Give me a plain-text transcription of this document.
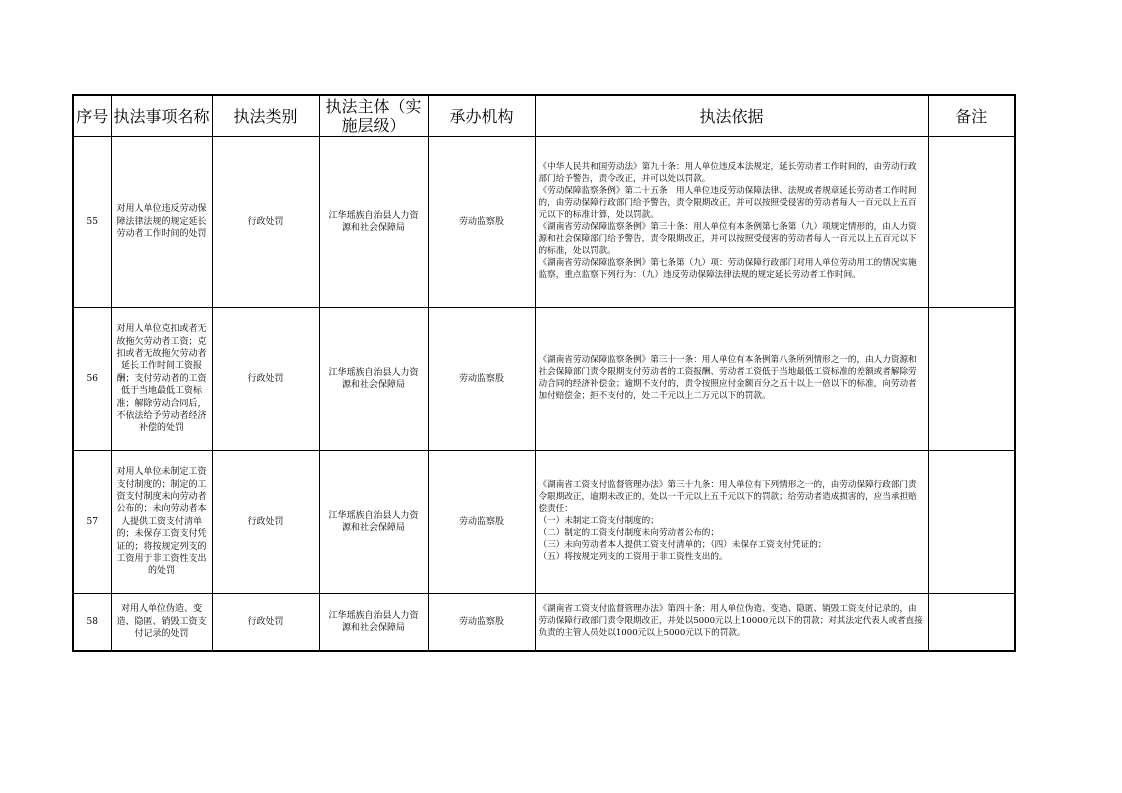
序号	执法事项名称	执法类别	执法主体（实施层级）	承办机构	执法依据	备注
55	对用人单位违反劳动保障法律法规的规定延长劳动者工作时间的处罚	行政处罚	江华瑶族自治县人力资源和社会保障局	劳动监察股	《中华人民共和国劳动法》第九十条：用人单位违反本法规定，延长劳动者工作时间的，由劳动行政部门给予警告，责令改正，并可以处以罚款。
《劳动保障监察条例》第二十五条　用人单位违反劳动保障法律、法规或者规章延长劳动者工作时间的，由劳动保障行政部门给予警告，责令限期改正，并可以按照受侵害的劳动者每人一百元以上五百元以下的标准计算，处以罚款。
《湖南省劳动保障监察条例》第三十条：用人单位有本条例第七条第（九）项规定情形的，由人力资源和社会保障部门给予警告，责令限期改正，并可以按照受侵害的劳动者每人一百元以上五百元以下的标准，处以罚款。
《湖南省劳动保障监察条例》第七条第（九）项：劳动保障行政部门对用人单位劳动用工的情况实施监察，重点监察下列行为：（九）违反劳动保障法律法规的规定延长劳动者工作时间。	

56	对用人单位克扣或者无故拖欠劳动者工资；克扣或者无故拖欠劳动者延长工作时间工资报酬；支付劳动者的工资低于当地最低工资标准；解除劳动合同后，不依法给予劳动者经济补偿的处罚	行政处罚	江华瑶族自治县人力资源和社会保障局	劳动监察股	《湖南省劳动保障监察条例》第三十一条：用人单位有本条例第八条所列情形之一的，由人力资源和社会保障部门责令限期支付劳动者的工资报酬、劳动者工资低于当地最低工资标准的差额或者解除劳动合同的经济补偿金；逾期不支付的，责令按照应付金额百分之五十以上一倍以下的标准，向劳动者加付赔偿金；拒不支付的，处二千元以上二万元以下的罚款。	

57	对用人单位未制定工资支付制度的；制定的工资支付制度未向劳动者公布的；未向劳动者本人提供工资支付清单的；未保存工资支付凭证的；将按规定列支的工资用于非工资性支出的处罚	行政处罚	江华瑶族自治县人力资源和社会保障局	劳动监察股	《湖南省工资支付监督管理办法》第三十九条：用人单位有下列情形之一的，由劳动保障行政部门责令限期改正，逾期未改正的，处以一千元以上五千元以下的罚款；给劳动者造成损害的，应当承担赔偿责任：
（一）未制定工资支付制度的；
（二）制定的工资支付制度未向劳动者公布的；
（三）未向劳动者本人提供工资支付清单的；（四）未保存工资支付凭证的；
（五）将按规定列支的工资用于非工资性支出的。	

58	对用人单位伪造、变造、隐匿、销毁工资支付记录的处罚	行政处罚	江华瑶族自治县人力资源和社会保障局	劳动监察股	《湖南省工资支付监督管理办法》第四十条：用人单位伪造、变造、隐匿、销毁工资支付记录的，由劳动保障行政部门责令限期改正，并处以5000元以上10000元以下的罚款；对其法定代表人或者直接负责的主管人员处以1000元以上5000元以下的罚款。	
